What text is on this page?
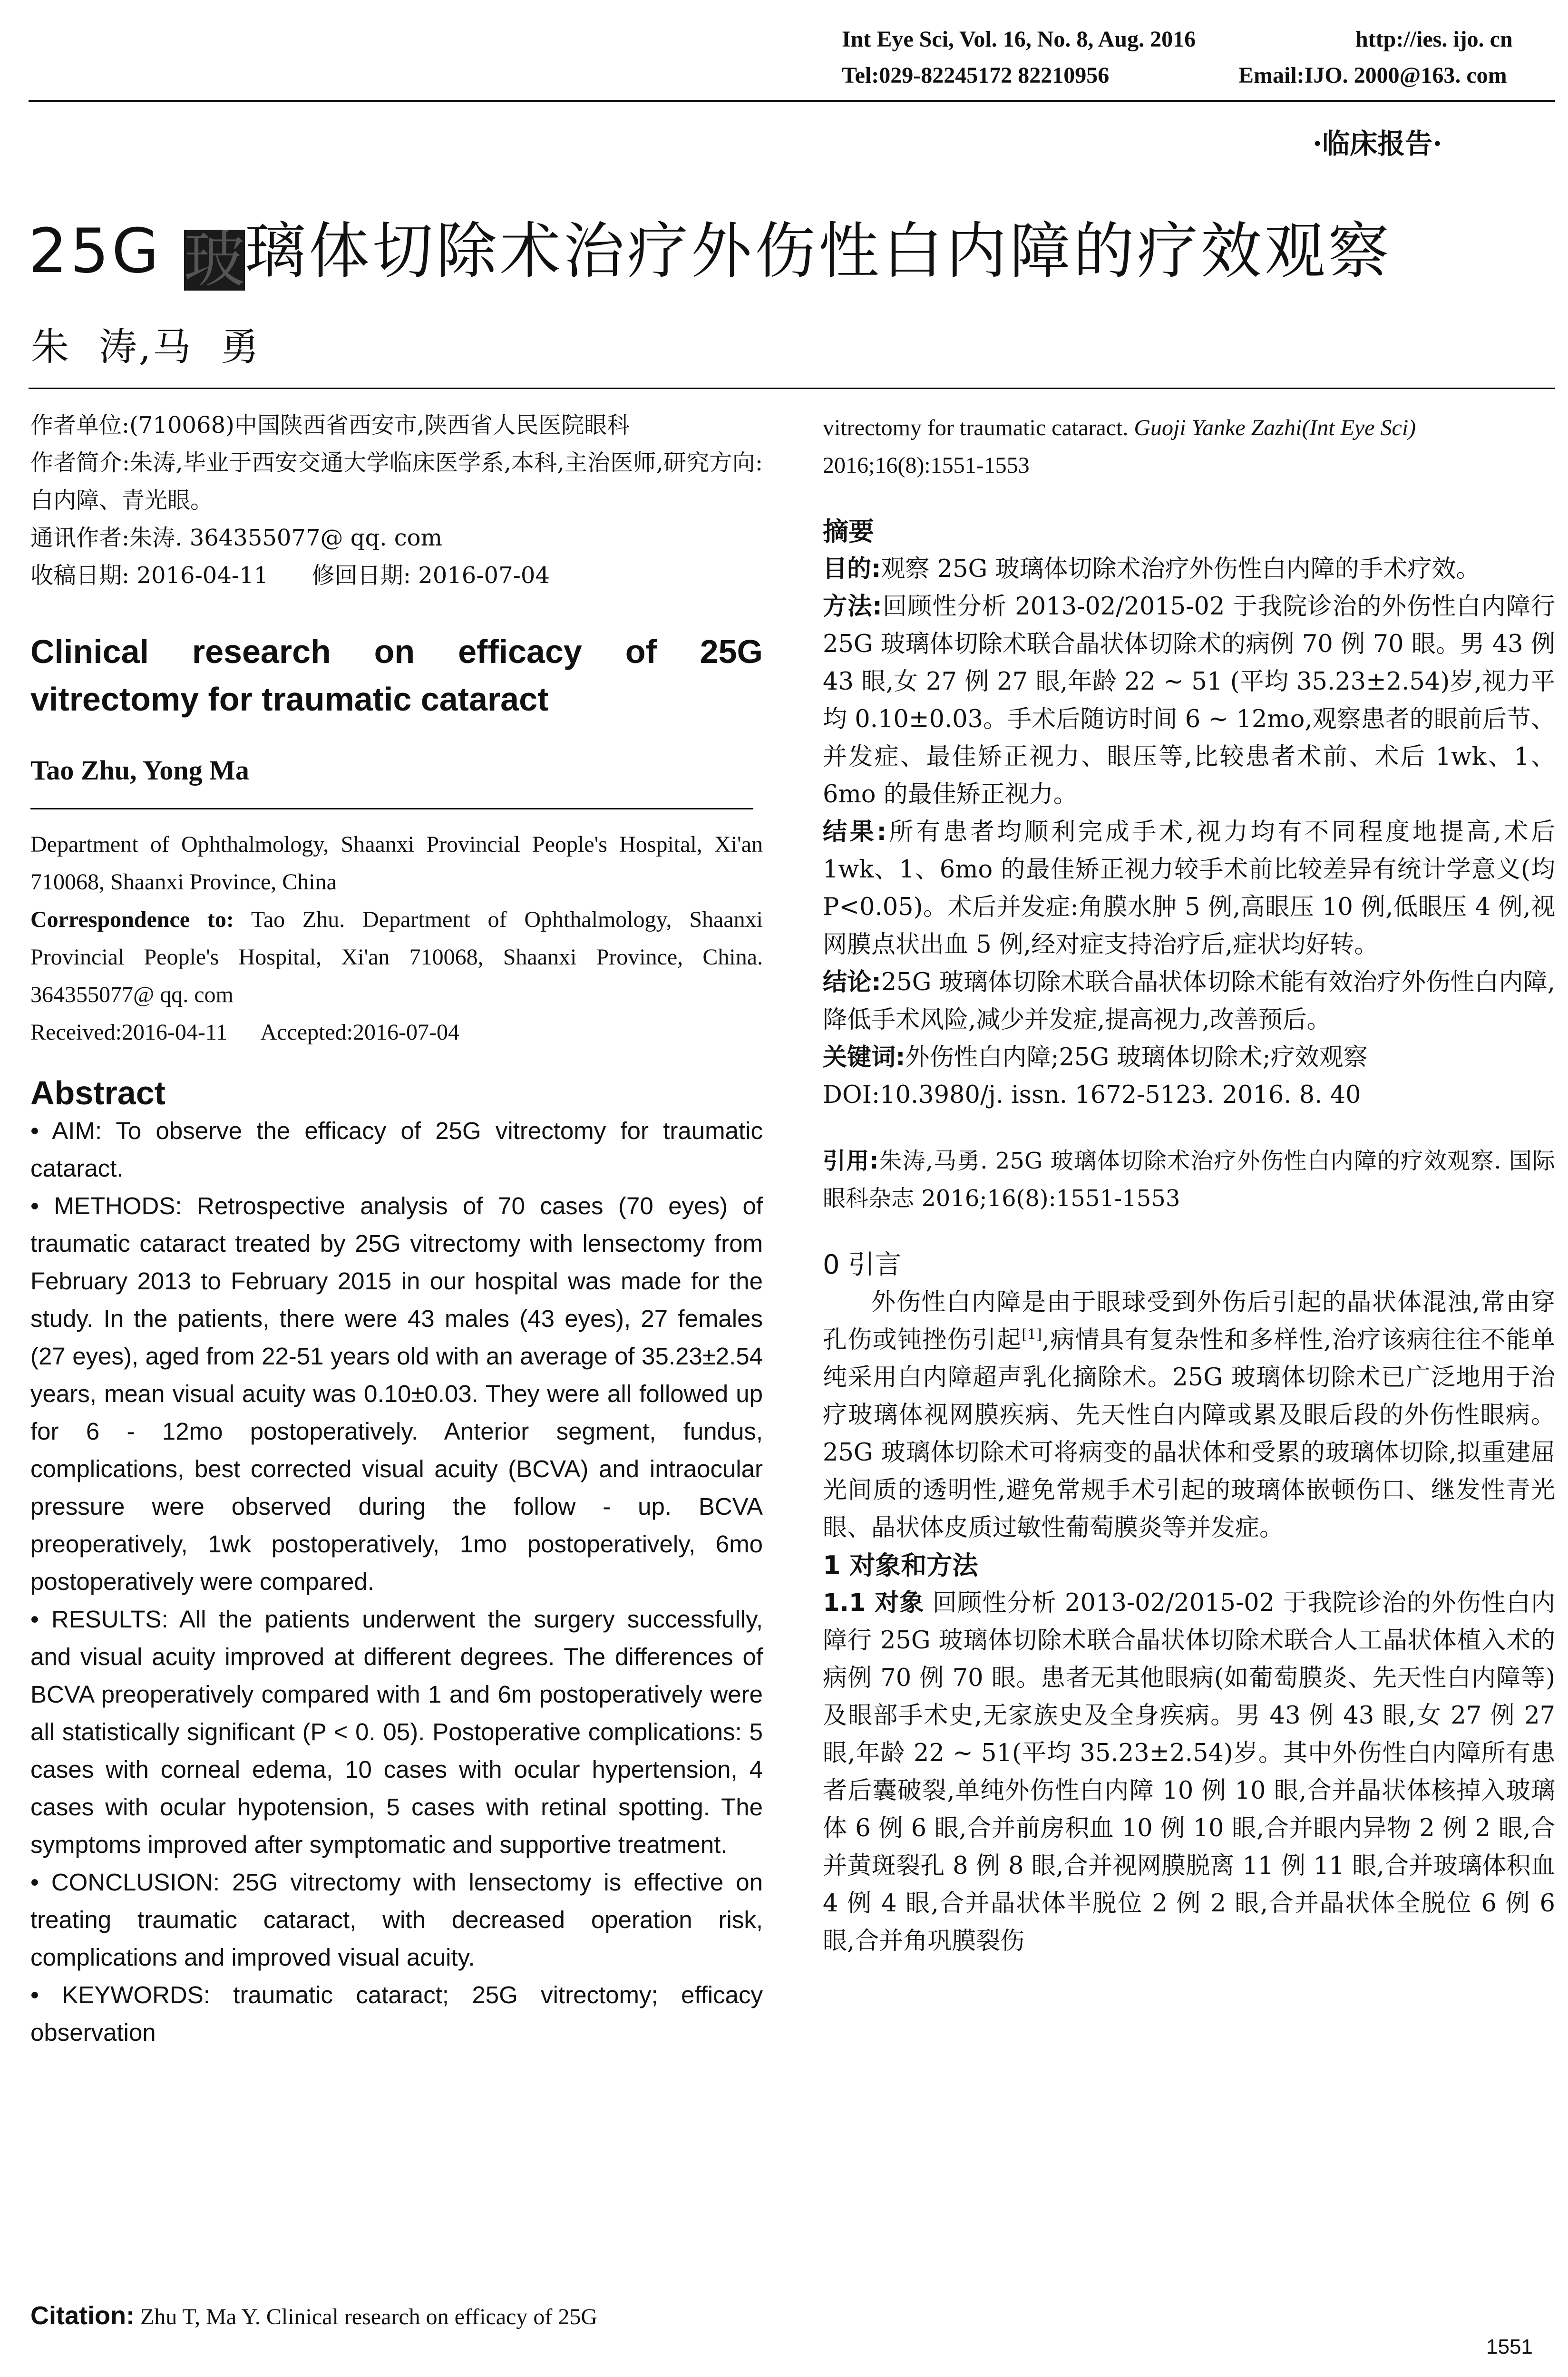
Int Eye Sci, Vol. 16, No. 8, Aug. 2016	http://ies. ijo. cn
Tel:029-82245172 82210956	Email:IJO. 2000@163. com
·临床报告·
25G 玻璃体切除术治疗外伤性白内障的疗效观察
朱  涛,马  勇
作者单位:(710068)中国陕西省西安市,陕西省人民医院眼科
作者简介:朱涛,毕业于西安交通大学临床医学系,本科,主治医师,研究方向:白内障、青光眼。
通讯作者:朱涛. 364355077@ qq. com
收稿日期: 2016-04-11      修回日期: 2016-07-04
Clinical research on efficacy of 25G vitrectomy for traumatic cataract
Tao Zhu, Yong Ma
Department of Ophthalmology, Shaanxi Provincial People's Hospital, Xi'an 710068, Shaanxi Province, China
Correspondence to: Tao Zhu. Department of Ophthalmology, Shaanxi Provincial People's Hospital, Xi'an 710068, Shaanxi Province, China. 364355077@ qq. com
Received:2016-04-11      Accepted:2016-07-04
Abstract
• AIM: To observe the efficacy of 25G vitrectomy for traumatic cataract.
• METHODS: Retrospective analysis of 70 cases (70 eyes) of traumatic cataract treated by 25G vitrectomy with lensectomy from February 2013 to February 2015 in our hospital was made for the study. In the patients, there were 43 males (43 eyes), 27 females (27 eyes), aged from 22-51 years old with an average of 35.23±2.54 years, mean visual acuity was 0.10±0.03. They were all followed up for 6 - 12mo postoperatively. Anterior segment, fundus, complications, best corrected visual acuity (BCVA) and intraocular pressure were observed during the follow - up. BCVA preoperatively, 1wk postoperatively, 1mo postoperatively, 6mo postoperatively were compared.
• RESULTS: All the patients underwent the surgery successfully, and visual acuity improved at different degrees. The differences of BCVA preoperatively compared with 1 and 6m postoperatively were all statistically significant (P < 0. 05). Postoperative complications: 5 cases with corneal edema, 10 cases with ocular hypertension, 4 cases with ocular hypotension, 5 cases with retinal spotting. The symptoms improved after symptomatic and supportive treatment.
• CONCLUSION: 25G vitrectomy with lensectomy is effective on treating traumatic cataract, with decreased operation risk, complications and improved visual acuity.
• KEYWORDS: traumatic cataract; 25G vitrectomy; efficacy observation
Citation: Zhu T, Ma Y. Clinical research on efficacy of 25G
vitrectomy for traumatic cataract. Guoji Yanke Zazhi(Int Eye Sci)
2016;16(8):1551-1553
摘要
目的:观察 25G 玻璃体切除术治疗外伤性白内障的手术疗效。
方法:回顾性分析 2013-02/2015-02 于我院诊治的外伤性白内障行 25G 玻璃体切除术联合晶状体切除术的病例 70 例 70 眼。男 43 例 43 眼,女 27 例 27 眼,年龄 22 ~ 51 (平均 35.23±2.54)岁,视力平均 0.10±0.03。手术后随访时间 6 ~ 12mo,观察患者的眼前后节、并发症、最佳矫正视力、眼压等,比较患者术前、术后 1wk、1、6mo 的最佳矫正视力。
结果:所有患者均顺利完成手术,视力均有不同程度地提高,术后 1wk、1、6mo 的最佳矫正视力较手术前比较差异有统计学意义(均 P<0.05)。术后并发症:角膜水肿 5 例,高眼压 10 例,低眼压 4 例,视网膜点状出血 5 例,经对症支持治疗后,症状均好转。
结论:25G 玻璃体切除术联合晶状体切除术能有效治疗外伤性白内障,降低手术风险,减少并发症,提高视力,改善预后。
关键词:外伤性白内障;25G 玻璃体切除术;疗效观察
DOI:10.3980/j. issn. 1672-5123. 2016. 8. 40
引用:朱涛,马勇. 25G 玻璃体切除术治疗外伤性白内障的疗效观察. 国际眼科杂志 2016;16(8):1551-1553
0 引言
外伤性白内障是由于眼球受到外伤后引起的晶状体混浊,常由穿孔伤或钝挫伤引起[1],病情具有复杂性和多样性,治疗该病往往不能单纯采用白内障超声乳化摘除术。25G 玻璃体切除术已广泛地用于治疗玻璃体视网膜疾病、先天性白内障或累及眼后段的外伤性眼病。25G 玻璃体切除术可将病变的晶状体和受累的玻璃体切除,拟重建屈光间质的透明性,避免常规手术引起的玻璃体嵌顿伤口、继发性青光眼、晶状体皮质过敏性葡萄膜炎等并发症。
1 对象和方法
1.1 对象 回顾性分析 2013-02/2015-02 于我院诊治的外伤性白内障行 25G 玻璃体切除术联合晶状体切除术联合人工晶状体植入术的病例 70 例 70 眼。患者无其他眼病(如葡萄膜炎、先天性白内障等)及眼部手术史,无家族史及全身疾病。男 43 例 43 眼,女 27 例 27 眼,年龄 22 ~ 51(平均 35.23±2.54)岁。其中外伤性白内障所有患者后囊破裂,单纯外伤性白内障 10 例 10 眼,合并晶状体核掉入玻璃体 6 例 6 眼,合并前房积血 10 例 10 眼,合并眼内异物 2 例 2 眼,合并黄斑裂孔 8 例 8 眼,合并视网膜脱离 11 例 11 眼,合并玻璃体积血 4 例 4 眼,合并晶状体半脱位 2 例 2 眼,合并晶状体全脱位 6 例 6 眼,合并角巩膜裂伤
1551
